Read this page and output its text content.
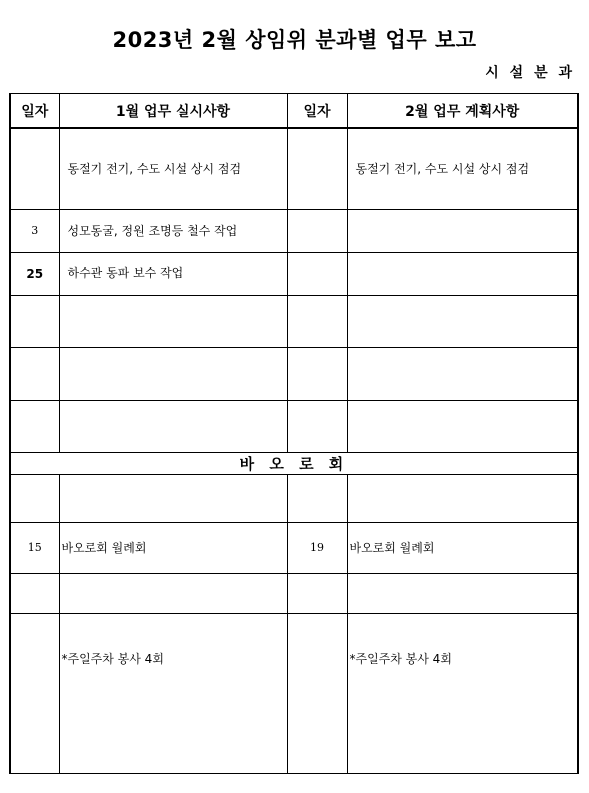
2023년 2월 상임위 분과별 업무 보고
시 설 분 과
일자	1월 업무 실시사항	일자	2월 업무 계획사항
	동절기 전기, 수도 시설 상시 점검		동절기 전기, 수도 시설 상시 점검
3	성모동굴, 정원 조명등 철수 작업		
25	하수관 동파 보수 작업		

바 오 로 회			

15	바오로회 월례회	19	바오로회 월례회

	*주일주차 봉사 4회		*주일주차 봉사 4회
